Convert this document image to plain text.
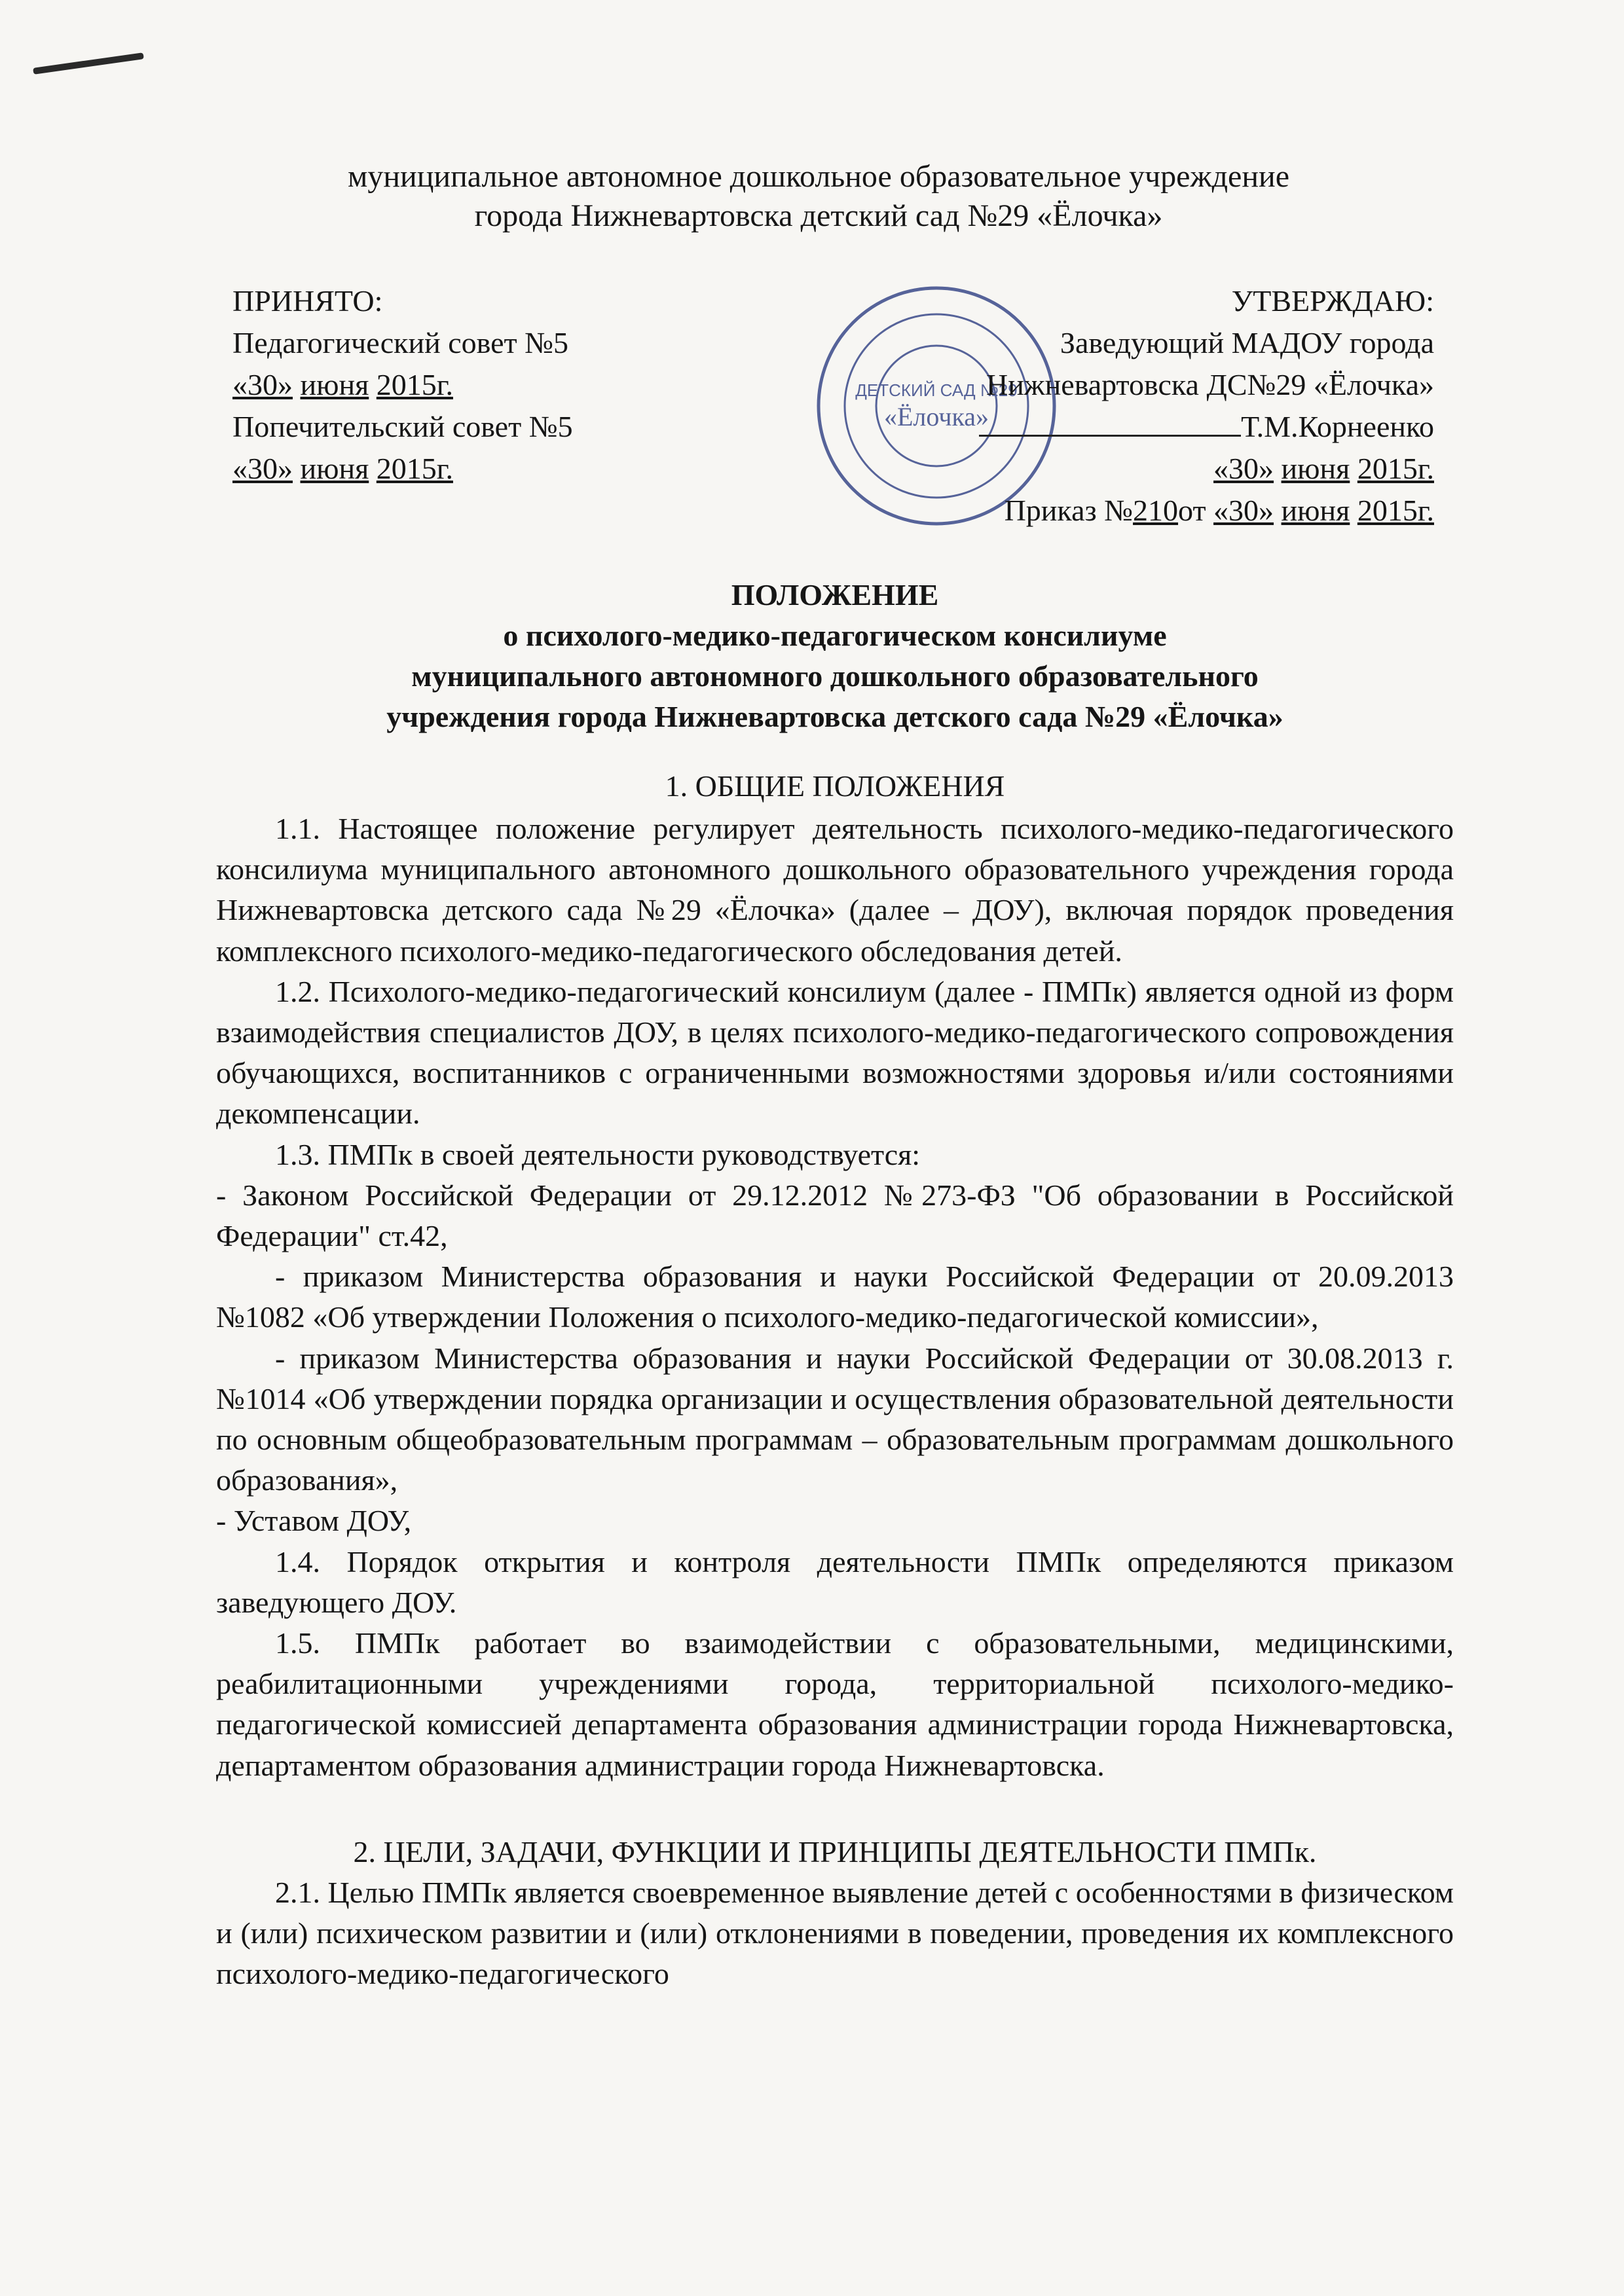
муниципальное автономное дошкольное образовательное учреждение
города Нижневартовска детский сад №29 «Ёлочка»
ПРИНЯТО:
Педагогический совет №5
«30» июня 2015г.
Попечительский совет №5
«30» июня 2015г.
ДЕТСКИЙ САД №29
«Ёлочка»
УТВЕРЖДАЮ:
Заведующий МАДОУ города
Нижневартовска ДС№29 «Ёлочка»
Т.М.Корнеенко
«30» июня 2015г.
Приказ №210от «30» июня 2015г.
ПОЛОЖЕНИЕ
о психолого-медико-педагогическом консилиуме
муниципального автономного дошкольного образовательного
учреждения города Нижневартовска детского сада №29 «Ёлочка»
1. ОБЩИЕ ПОЛОЖЕНИЯ

1.1. Настоящее положение регулирует деятельность психолого-медико-педагогического консилиума муниципального автономного дошкольного образовательного учреждения города Нижневартовска детского сада №29 «Ёлочка» (далее – ДОУ), включая порядок проведения комплексного психолого-медико-педагогического обследования детей.

1.2. Психолого-медико-педагогический консилиум (далее - ПМПк) является одной из форм взаимодействия специалистов ДОУ, в целях психолого-медико-педагогического сопровождения обучающихся, воспитанников с ограниченными возможностями здоровья и/или состояниями декомпенсации.

1.3. ПМПк в своей деятельности руководствуется:

- Законом Российской Федерации от 29.12.2012 №273-ФЗ "Об образовании в Российской Федерации" ст.42,

- приказом Министерства образования и науки Российской Федерации от 20.09.2013 №1082 «Об утверждении Положения о психолого-медико-педагогической комиссии»,

- приказом Министерства образования и науки Российской Федерации от 30.08.2013 г. №1014 «Об утверждении порядка организации и осуществления образовательной деятельности по основным общеобразовательным программам – образовательным программам дошкольного образования»,

- Уставом ДОУ,

1.4. Порядок открытия и контроля деятельности ПМПк определяются приказом заведующего ДОУ.

1.5. ПМПк работает во взаимодействии с образовательными, медицинскими, реабилитационными учреждениями города, территориальной психолого-медико-педагогической комиссией департамента образования администрации города Нижневартовска, департаментом образования администрации города Нижневартовска.

2. ЦЕЛИ, ЗАДАЧИ, ФУНКЦИИ И ПРИНЦИПЫ ДЕЯТЕЛЬНОСТИ ПМПк.

2.1. Целью ПМПк является своевременное выявление детей с особенностями в физическом и (или) психическом развитии и (или) отклонениями в поведении, проведения их комплексного психолого-медико-педагогического
